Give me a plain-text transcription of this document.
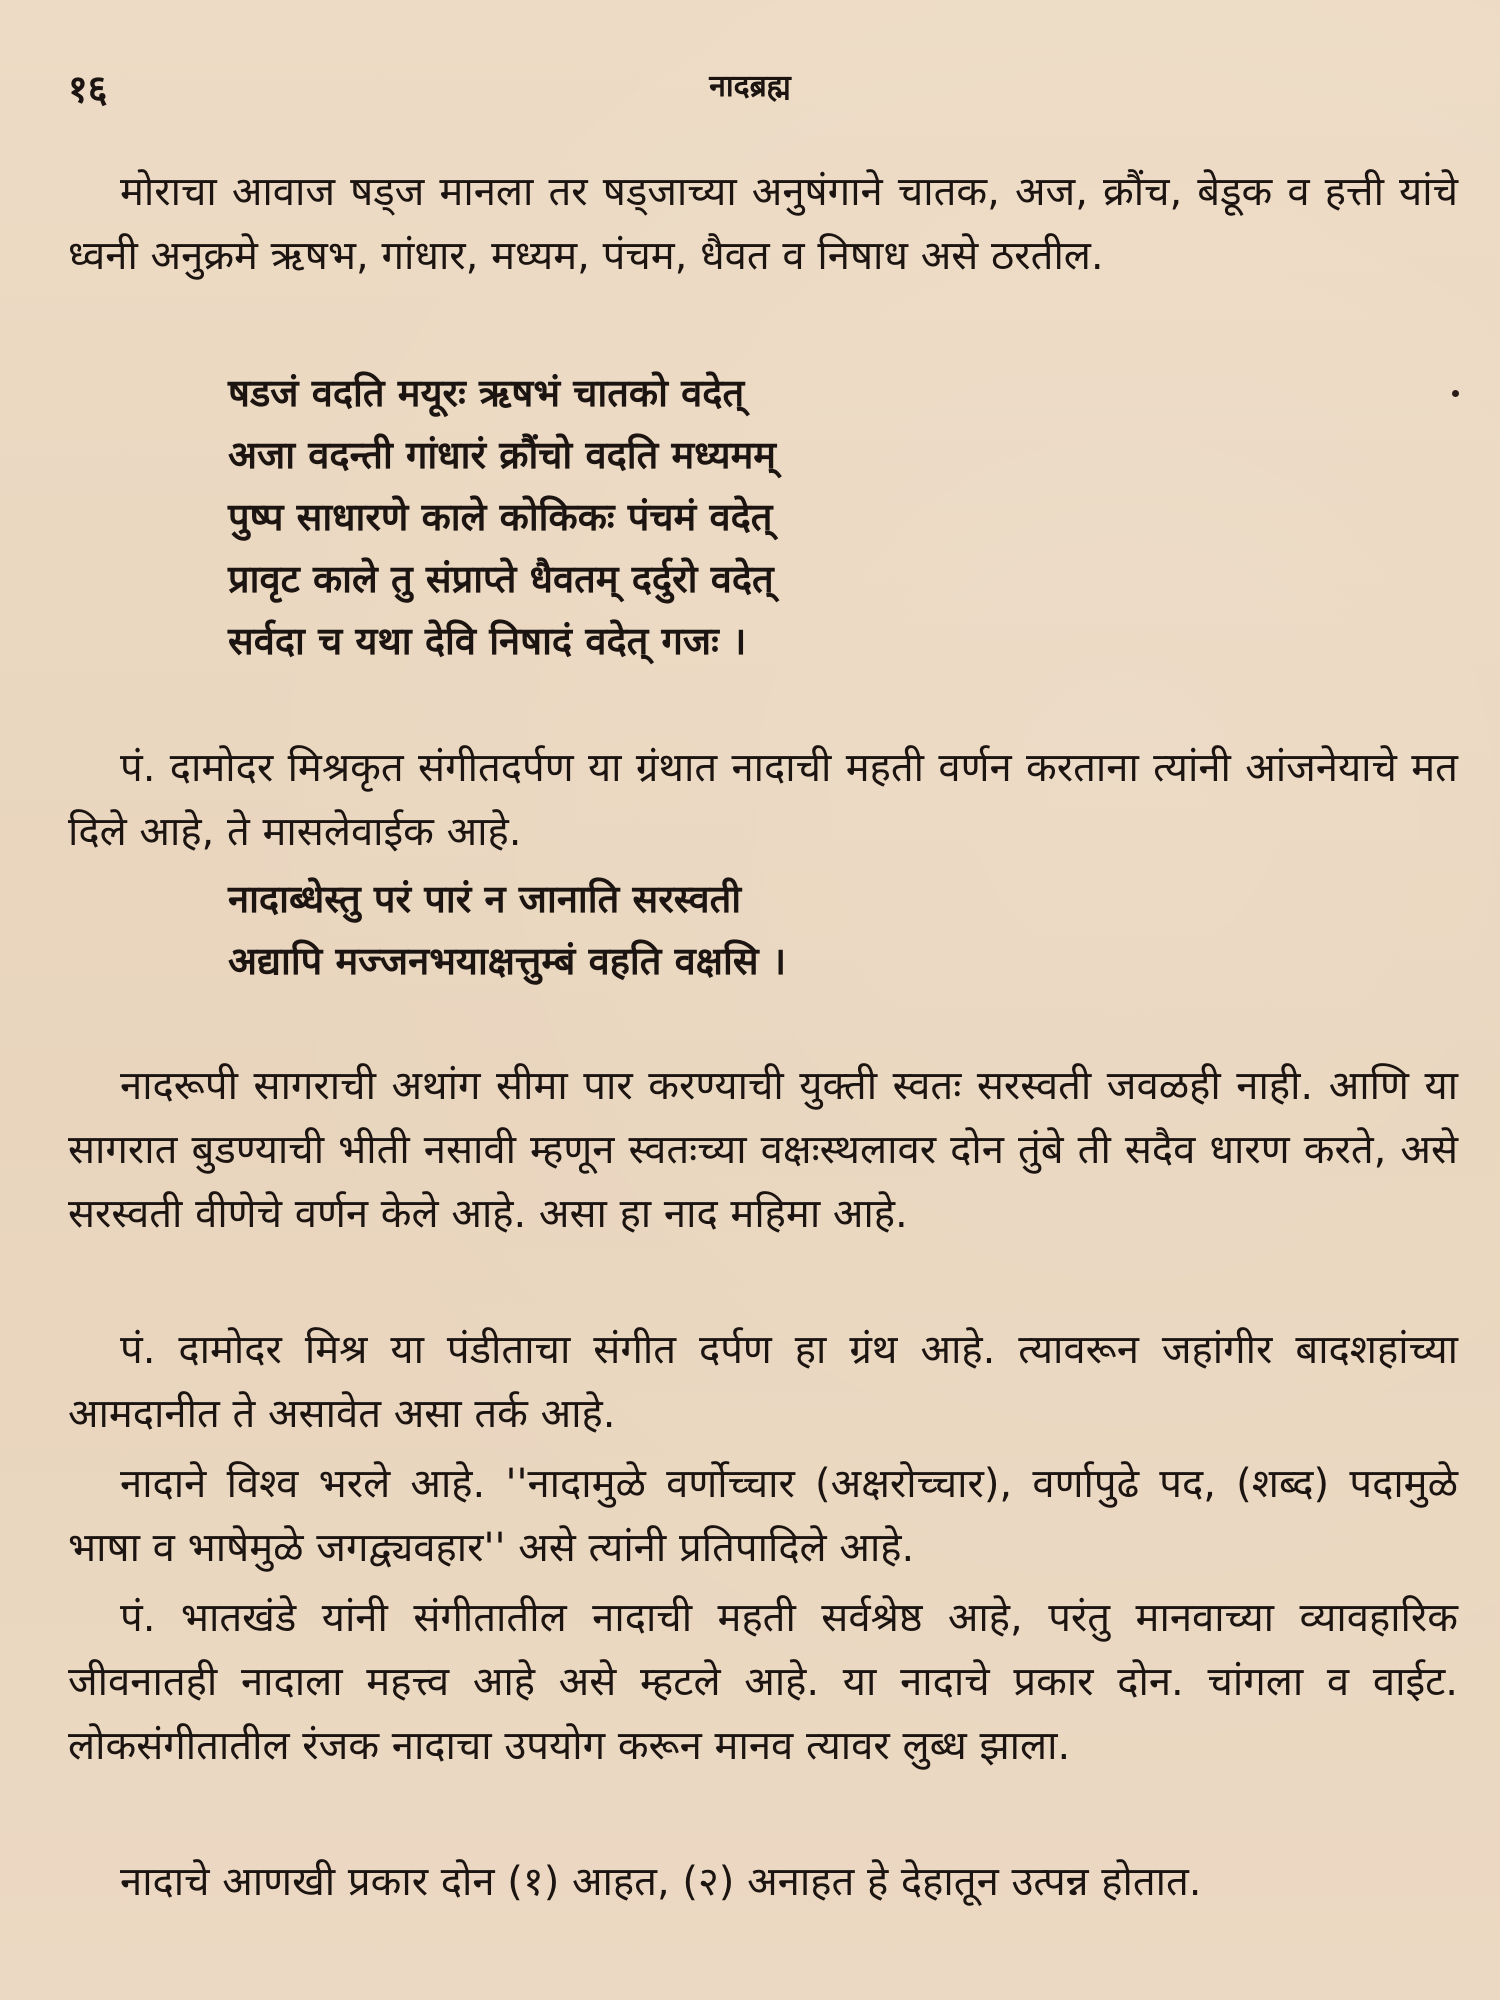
१६	नादब्रह्म

मोराचा आवाज षड्ज मानला तर षड्जाच्या अनुषंगाने चातक, अज, क्रौंच, बेडूक व हत्ती यांचे ध्वनी अनुक्रमे ऋषभ, गांधार, मध्यम, पंचम, धैवत व निषाध असे ठरतील.

षडजं वदति मयूरः ऋषभं चातको वदेत्
अजा वदन्ती गांधारं क्रौंचो वदति मध्यमम्
पुष्प साधारणे काले कोकिकः पंचमं वदेत्
प्रावृट काले तु संप्राप्ते धैवतम् दर्दुरो वदेत्
सर्वदा च यथा देवि निषादं वदेत् गजः ।

पं. दामोदर मिश्रकृत संगीतदर्पण या ग्रंथात नादाची महती वर्णन करताना त्यांनी आंजनेयाचे मत दिले आहे, ते मासलेवाईक आहे.

नादाब्धेस्तु परं पारं न जानाति सरस्वती
अद्यापि मज्जनभयाक्षत्तुम्बं वहति वक्षसि ।

नादरूपी सागराची अथांग सीमा पार करण्याची युक्ती स्वतः सरस्वती जवळही नाही. आणि या सागरात बुडण्याची भीती नसावी म्हणून स्वतःच्या वक्षःस्थलावर दोन तुंबे ती सदैव धारण करते, असे सरस्वती वीणेचे वर्णन केले आहे. असा हा नाद महिमा आहे.

पं. दामोदर मिश्र या पंडीताचा संगीत दर्पण हा ग्रंथ आहे. त्यावरून जहांगीर बादशहांच्या आमदानीत ते असावेत असा तर्क आहे.

नादाने विश्व भरले आहे. ''नादामुळे वर्णोच्चार (अक्षरोच्चार), वर्णापुढे पद, (शब्द) पदामुळे भाषा व भाषेमुळे जगद्व्यवहार'' असे त्यांनी प्रतिपादिले आहे.

पं. भातखंडे यांनी संगीतातील नादाची महती सर्वश्रेष्ठ आहे, परंतु मानवाच्या व्यावहारिक जीवनातही नादाला महत्त्व आहे असे म्हटले आहे. या नादाचे प्रकार दोन. चांगला व वाईट. लोकसंगीतातील रंजक नादाचा उपयोग करून मानव त्यावर लुब्ध झाला.

नादाचे आणखी प्रकार दोन (१) आहत, (२) अनाहत हे देहातून उत्पन्न होतात.
